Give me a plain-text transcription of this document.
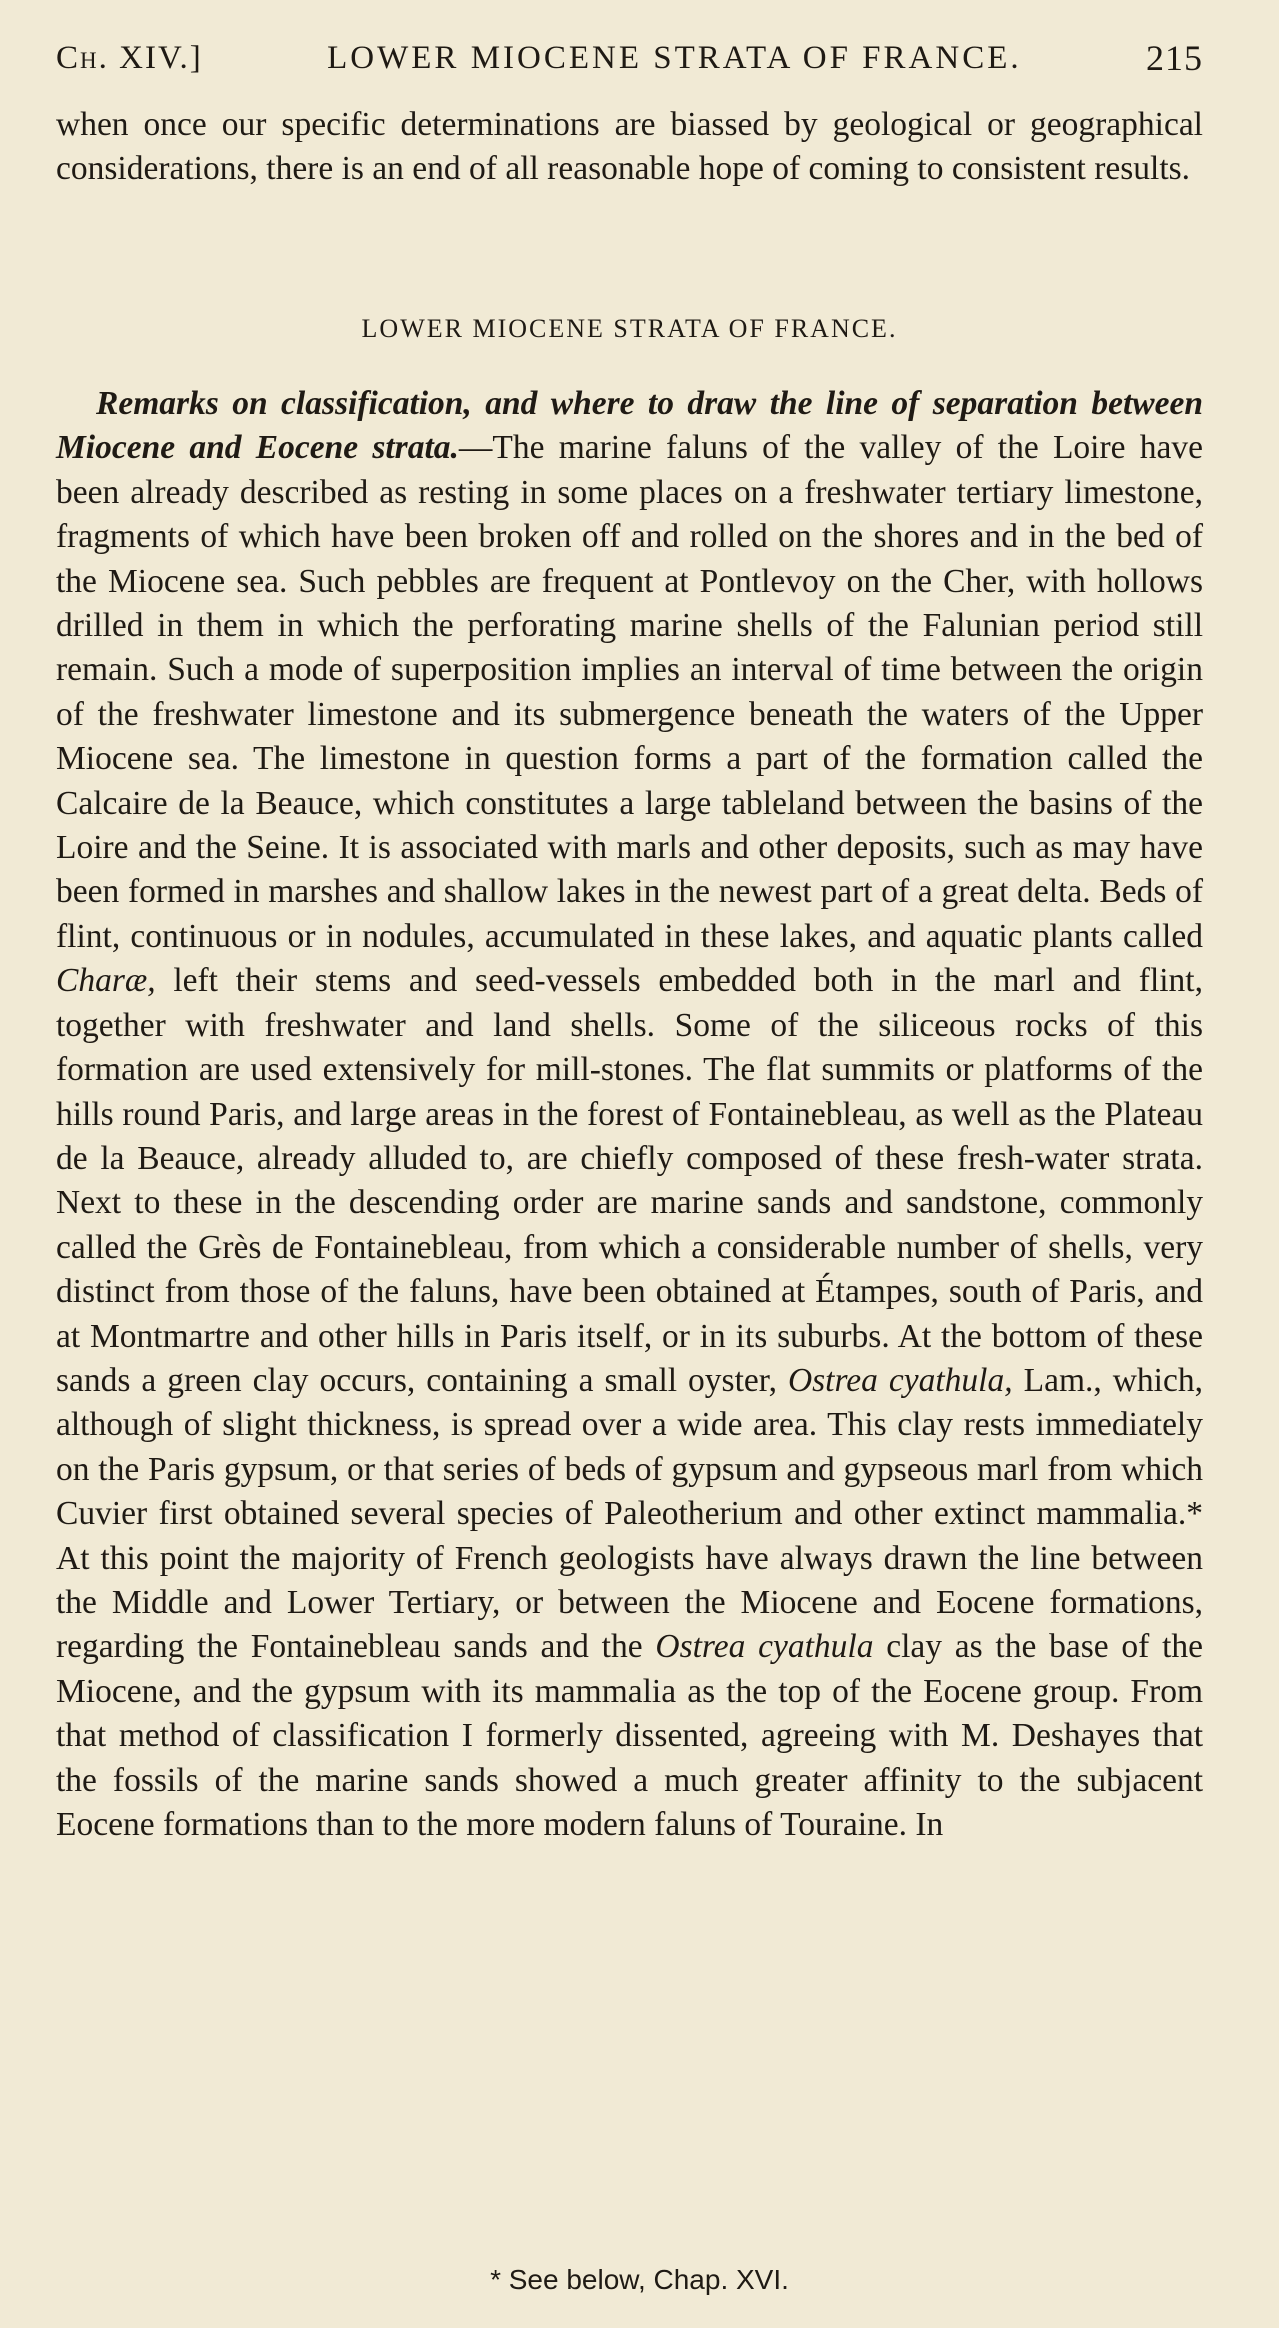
Ch. XIV.]	LOWER MIOCENE STRATA OF FRANCE.	215

when once our specific determinations are biassed by geological or geographical considerations, there is an end of all reasonable hope of coming to consistent results.

LOWER MIOCENE STRATA OF FRANCE.

Remarks on classification, and where to draw the line of separation between Miocene and Eocene strata.—The marine faluns of the valley of the Loire have been already described as resting in some places on a freshwater tertiary limestone, fragments of which have been broken off and rolled on the shores and in the bed of the Miocene sea. Such pebbles are frequent at Pontlevoy on the Cher, with hollows drilled in them in which the perforating marine shells of the Falunian period still remain. Such a mode of superposition implies an interval of time between the origin of the freshwater limestone and its submergence beneath the waters of the Upper Miocene sea. The limestone in question forms a part of the formation called the Calcaire de la Beauce, which constitutes a large tableland between the basins of the Loire and the Seine. It is associated with marls and other deposits, such as may have been formed in marshes and shallow lakes in the newest part of a great delta. Beds of flint, continuous or in nodules, accumulated in these lakes, and aquatic plants called Charæ, left their stems and seed-vessels embedded both in the marl and flint, together with freshwater and land shells. Some of the siliceous rocks of this formation are used extensively for mill-stones. The flat summits or platforms of the hills round Paris, and large areas in the forest of Fontainebleau, as well as the Plateau de la Beauce, already alluded to, are chiefly composed of these fresh-water strata. Next to these in the descending order are marine sands and sandstone, commonly called the Grès de Fontainebleau, from which a considerable number of shells, very distinct from those of the faluns, have been obtained at Étampes, south of Paris, and at Montmartre and other hills in Paris itself, or in its suburbs. At the bottom of these sands a green clay occurs, containing a small oyster, Ostrea cyathula, Lam., which, although of slight thickness, is spread over a wide area. This clay rests immediately on the Paris gypsum, or that series of beds of gypsum and gypseous marl from which Cuvier first obtained several species of Paleotherium and other extinct mammalia.* At this point the majority of French geologists have always drawn the line between the Middle and Lower Tertiary, or between the Miocene and Eocene formations, regarding the Fontainebleau sands and the Ostrea cyathula clay as the base of the Miocene, and the gypsum with its mammalia as the top of the Eocene group. From that method of classification I formerly dissented, agreeing with M. Deshayes that the fossils of the marine sands showed a much greater affinity to the subjacent Eocene formations than to the more modern faluns of Touraine. In

* See below, Chap. XVI.
